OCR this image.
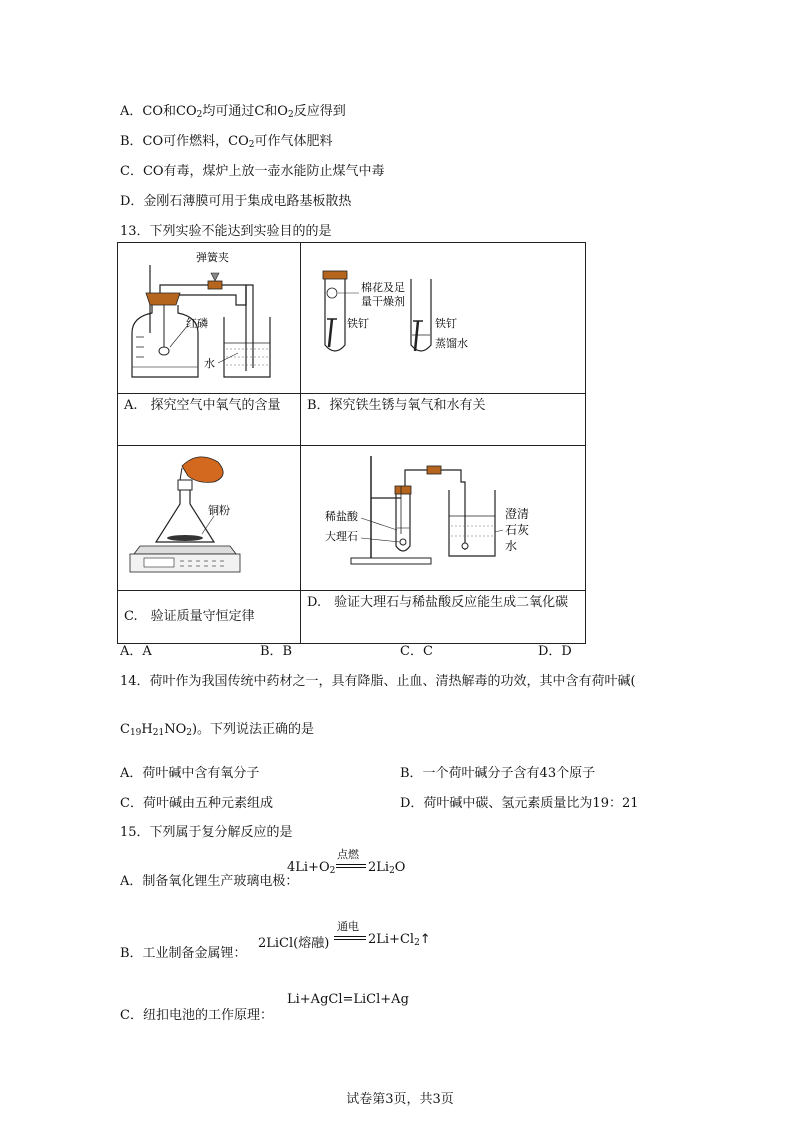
A．CO和$CO_2$均可通过C和$O_2$反应得到
B．CO可作燃料，$CO_2$可作气体肥料
C．CO有毒，煤炉上放一壶水能防止煤气中毒
D．金刚石薄膜可用于集成电路基板散热
13．下列实验不能达到实验目的的是
弹簧夹
红磷
水	棉花及足
量干燥剂
铁钉 铁钉
蒸馏水

A.　探究空气中氧气的含量	B．探究铁生锈与氧气和水有关

铜粉	稀盐酸
大理石
澄清
石灰
水

C.　验证质量守恒定律	D.　验证大理石与稀盐酸反应能生成二氧化碳
A．A	B．B	C．C	D．D
14．荷叶作为我国传统中药材之一，具有降脂、止血、清热解毒的功效，其中含有荷叶碱(
$C_{19}H_{21}NO_2$)。下列说法正确的是
A．荷叶碱中含有氧分子	B．一个荷叶碱分子含有43个原子
C．荷叶碱由五种元素组成	D．荷叶碱中碳、氢元素质量比为19：21
15．下列属于复分解反应的是
A．制备氧化锂生产玻璃电极：
$4Li+O_2$
点燃
$2Li_2O$
B．工业制备金属锂：
2LiCl(熔融)
通电
$2Li+Cl_2↑$
C．纽扣电池的工作原理：
Li+AgCl=LiCl+Ag
试卷第3页，共3页
